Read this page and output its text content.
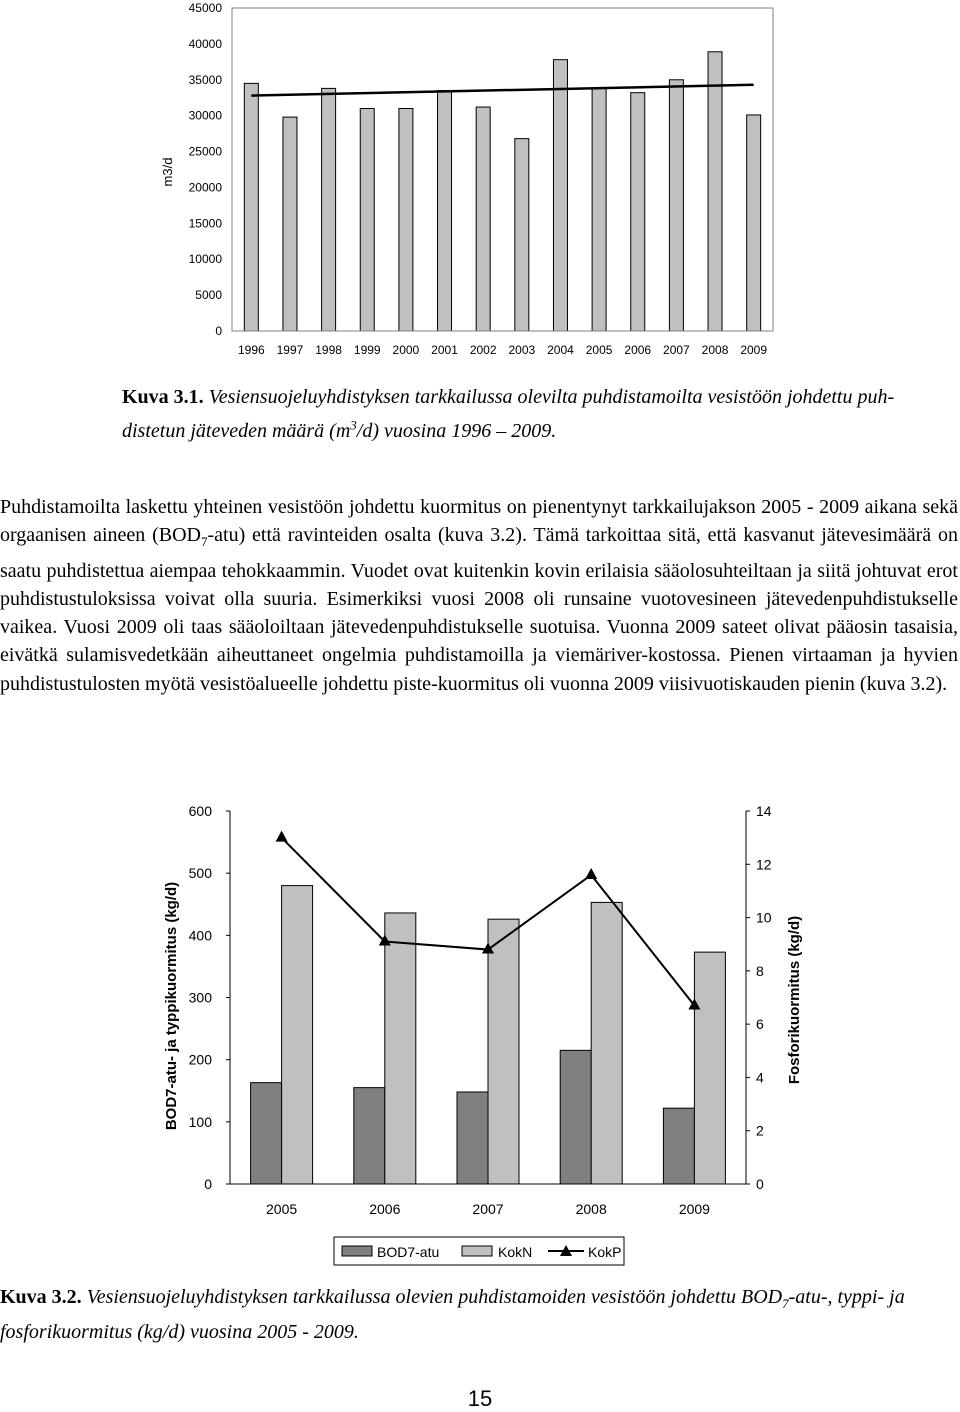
m3/d
0
5000
10000
15000
20000
25000
30000
35000
40000
45000
1996 1997 1998 1999 2000 2001 2002 2003 2004 2005 2006 2007 2008 2009

Kuva 3.1. Vesiensuojeluyhdistyksen tarkkailussa olevilta puhdistamoilta vesistöön johdettu puh-distetun jäteveden määrä $(m^3/d)$ vuosina 1996 – 2009.

Puhdistamoilta laskettu yhteinen vesistöön johdettu kuormitus on pienentynyt tarkkailujakson 2005 - 2009 aikana sekä orgaanisen aineen $(BOD_7-atu)$ että ravinteiden osalta (kuva 3.2). Tämä tarkoittaa sitä, että kasvanut jätevesimäärä on saatu puhdistettua aiempaa tehokkaammin. Vuodet ovat kuitenkin kovin erilaisia sääolosuhteiltaan ja siitä johtuvat erot puhdistustuloksissa voivat olla suuria. Esimerkiksi vuosi 2008 oli runsaine vuotovesineen jätevedenpuhdistukselle vaikea. Vuosi 2009 oli taas sääoloiltaan jätevedenpuhdistukselle suotuisa. Vuonna 2009 sateet olivat pääosin tasaisia, eivätkä sulamisvedetkään aiheuttaneet ongelmia puhdistamoilla ja viemäriver-kostossa. Pienen virtaaman ja hyvien puhdistustulosten myötä vesistöalueelle johdettu piste-kuormitus oli vuonna 2009 viisivuotiskauden pienin (kuva 3.2).

BOD7-atu- ja typpikuormitus (kg/d)	Fosforikuormitus (kg/d)
0
100
200
300
400
500
600
0
2
4
6
8
10
12
14
2005	2006	2007	2008	2009
BOD7-atu	KokN	KokP

Kuva 3.2. Vesiensuojeluyhdistyksen tarkkailussa olevien puhdistamoiden vesistöön johdettu $BOD_7-atu-$, typpi- ja fosforikuormitus (kg/d) vuosina 2005 - 2009.

15
